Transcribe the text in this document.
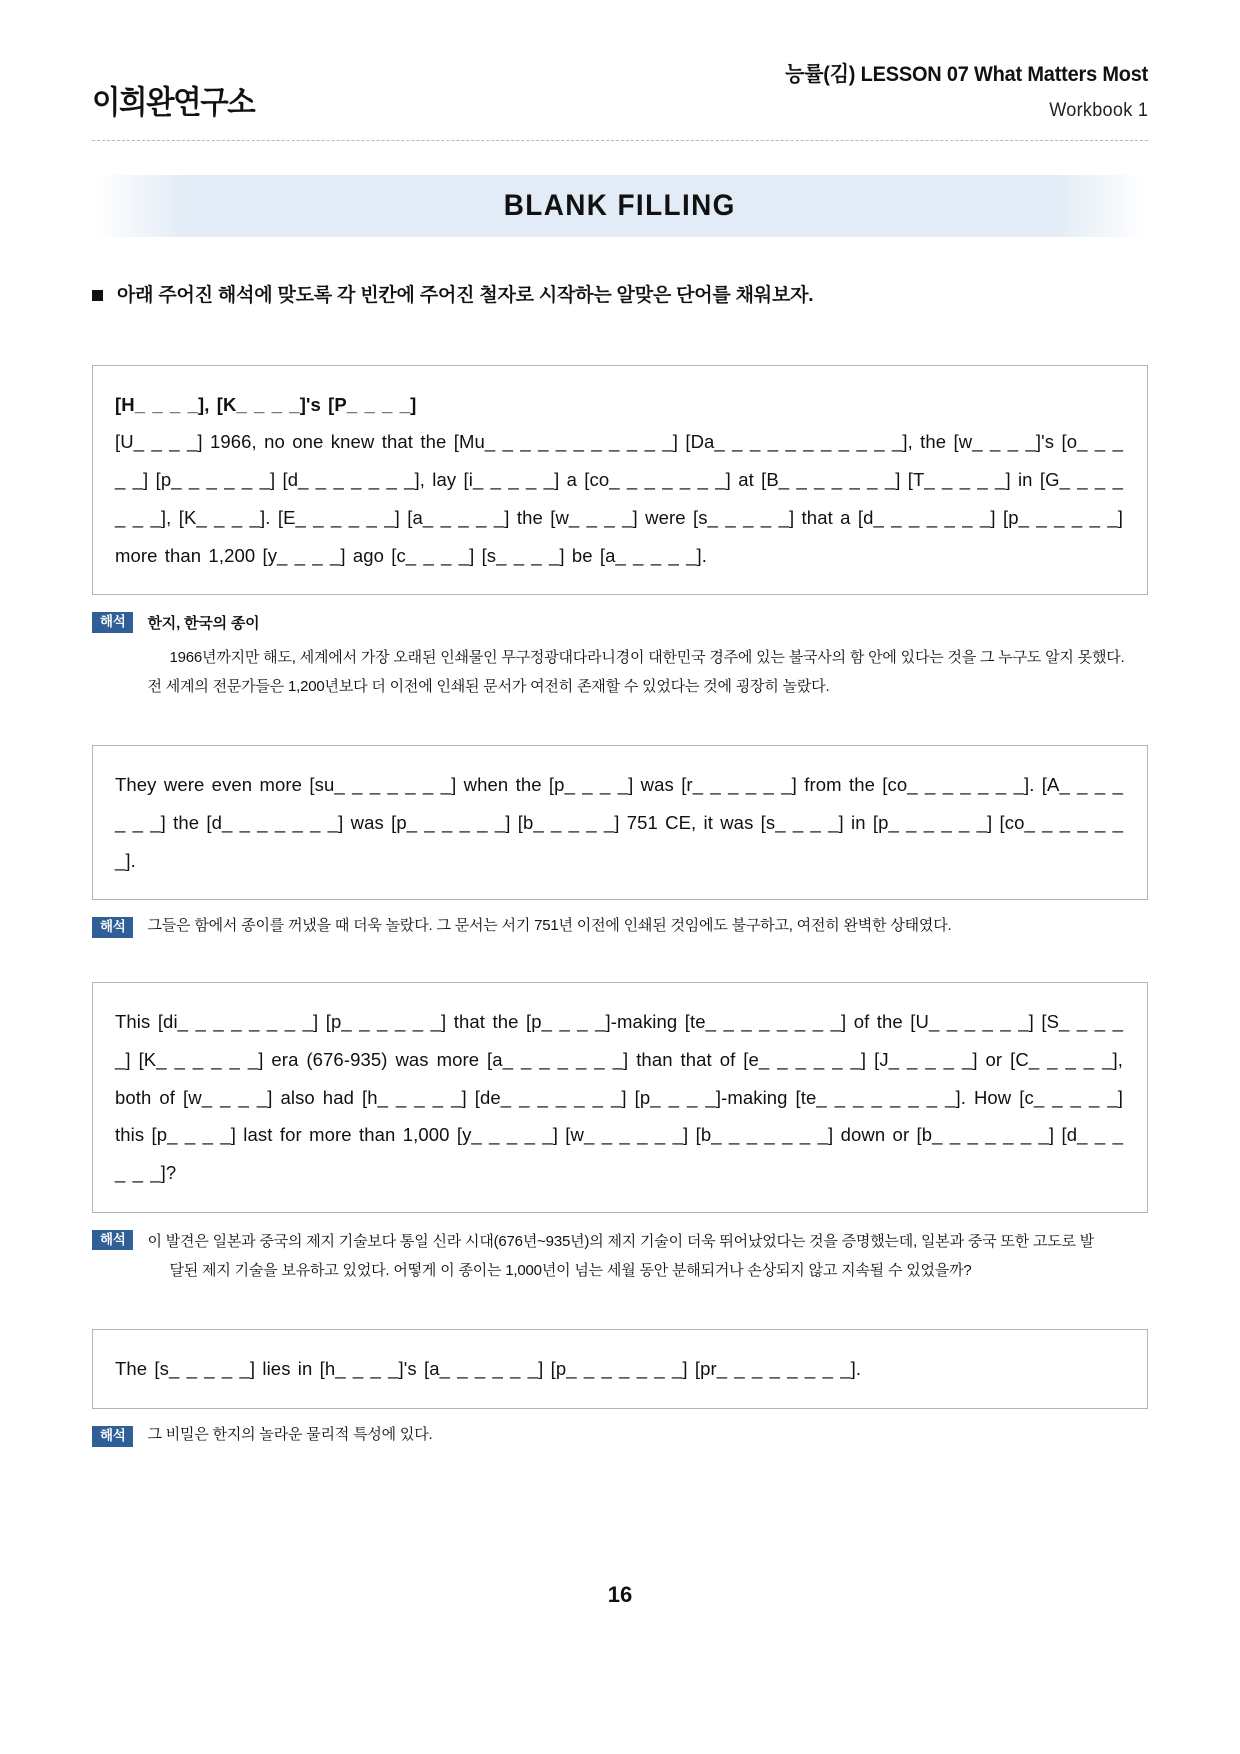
이희완연구소
능률(김) LESSON 07 What Matters Most
Workbook 1
BLANK FILLING
아래 주어진 해석에 맞도록 각 빈칸에 주어진 철자로 시작하는 알맞은 단어를 채워보자.

[H_ _ _ _], [K_ _ _ _]'s [P_ _ _ _]

[U_ _ _ _] 1966, no one knew that the [Mu_ _ _ _ _ _ _ _ _ _ _] [Da_ _ _ _ _ _ _ _ _ _ _], the [w_ _ _ _]'s [o_ _ _ _ _] [p_ _ _ _ _ _] [d_ _ _ _ _ _ _], lay [i_ _ _ _ _] a [co_ _ _ _ _ _ _] at [B_ _ _ _ _ _ _] [T_ _ _ _ _] in [G_ _ _ _ _ _ _], [K_ _ _ _]. [E_ _ _ _ _ _] [a_ _ _ _ _] the [w_ _ _ _] were [s_ _ _ _ _] that a [d_ _ _ _ _ _ _] [p_ _ _ _ _ _] more than 1,200 [y_ _ _ _] ago [c_ _ _ _] [s_ _ _ _] be [a_ _ _ _ _].

해석	한지, 한국의 종이
1966년까지만 해도, 세계에서 가장 오래된 인쇄물인 무구정광대다라니경이 대한민국 경주에 있는 불국사의 함 안에 있다는 것을 그 누구도 알지 못했다.
전 세계의 전문가들은 1,200년보다 더 이전에 인쇄된 문서가 여전히 존재할 수 있었다는 것에 굉장히 놀랐다.

They were even more [su_ _ _ _ _ _ _] when the [p_ _ _ _] was [r_ _ _ _ _ _] from the [co_ _ _ _ _ _ _]. [A_ _ _ _ _ _ _] the [d_ _ _ _ _ _ _] was [p_ _ _ _ _ _] [b_ _ _ _ _] 751 CE, it was [s_ _ _ _] in [p_ _ _ _ _ _] [co_ _ _ _ _ _ _].

해석	그들은 함에서 종이를 꺼냈을 때 더욱 놀랐다. 그 문서는 서기 751년 이전에 인쇄된 것임에도 불구하고, 여전히 완벽한 상태였다.

This [di_ _ _ _ _ _ _ _] [p_ _ _ _ _ _] that the [p_ _ _ _]-making [te_ _ _ _ _ _ _ _] of the [U_ _ _ _ _ _] [S_ _ _ _ _] [K_ _ _ _ _ _] era (676-935) was more [a_ _ _ _ _ _ _] than that of [e_ _ _ _ _ _] [J_ _ _ _ _] or [C_ _ _ _ _], both of [w_ _ _ _] also had [h_ _ _ _ _] [de_ _ _ _ _ _ _] [p_ _ _ _]-making [te_ _ _ _ _ _ _ _]. How [c_ _ _ _ _] this [p_ _ _ _] last for more than 1,000 [y_ _ _ _ _] [w_ _ _ _ _ _] [b_ _ _ _ _ _ _] down or [b_ _ _ _ _ _ _] [d_ _ _ _ _ _]?

해석	이 발견은 일본과 중국의 제지 기술보다 통일 신라 시대(676년~935년)의 제지 기술이 더욱 뛰어났었다는 것을 증명했는데, 일본과 중국 또한 고도로 발
달된 제지 기술을 보유하고 있었다. 어떻게 이 종이는 1,000년이 넘는 세월 동안 분해되거나 손상되지 않고 지속될 수 있었을까?

The [s_ _ _ _ _] lies in [h_ _ _ _]'s [a_ _ _ _ _ _] [p_ _ _ _ _ _ _] [pr_ _ _ _ _ _ _ _].

해석	그 비밀은 한지의 놀라운 물리적 특성에 있다.
16
